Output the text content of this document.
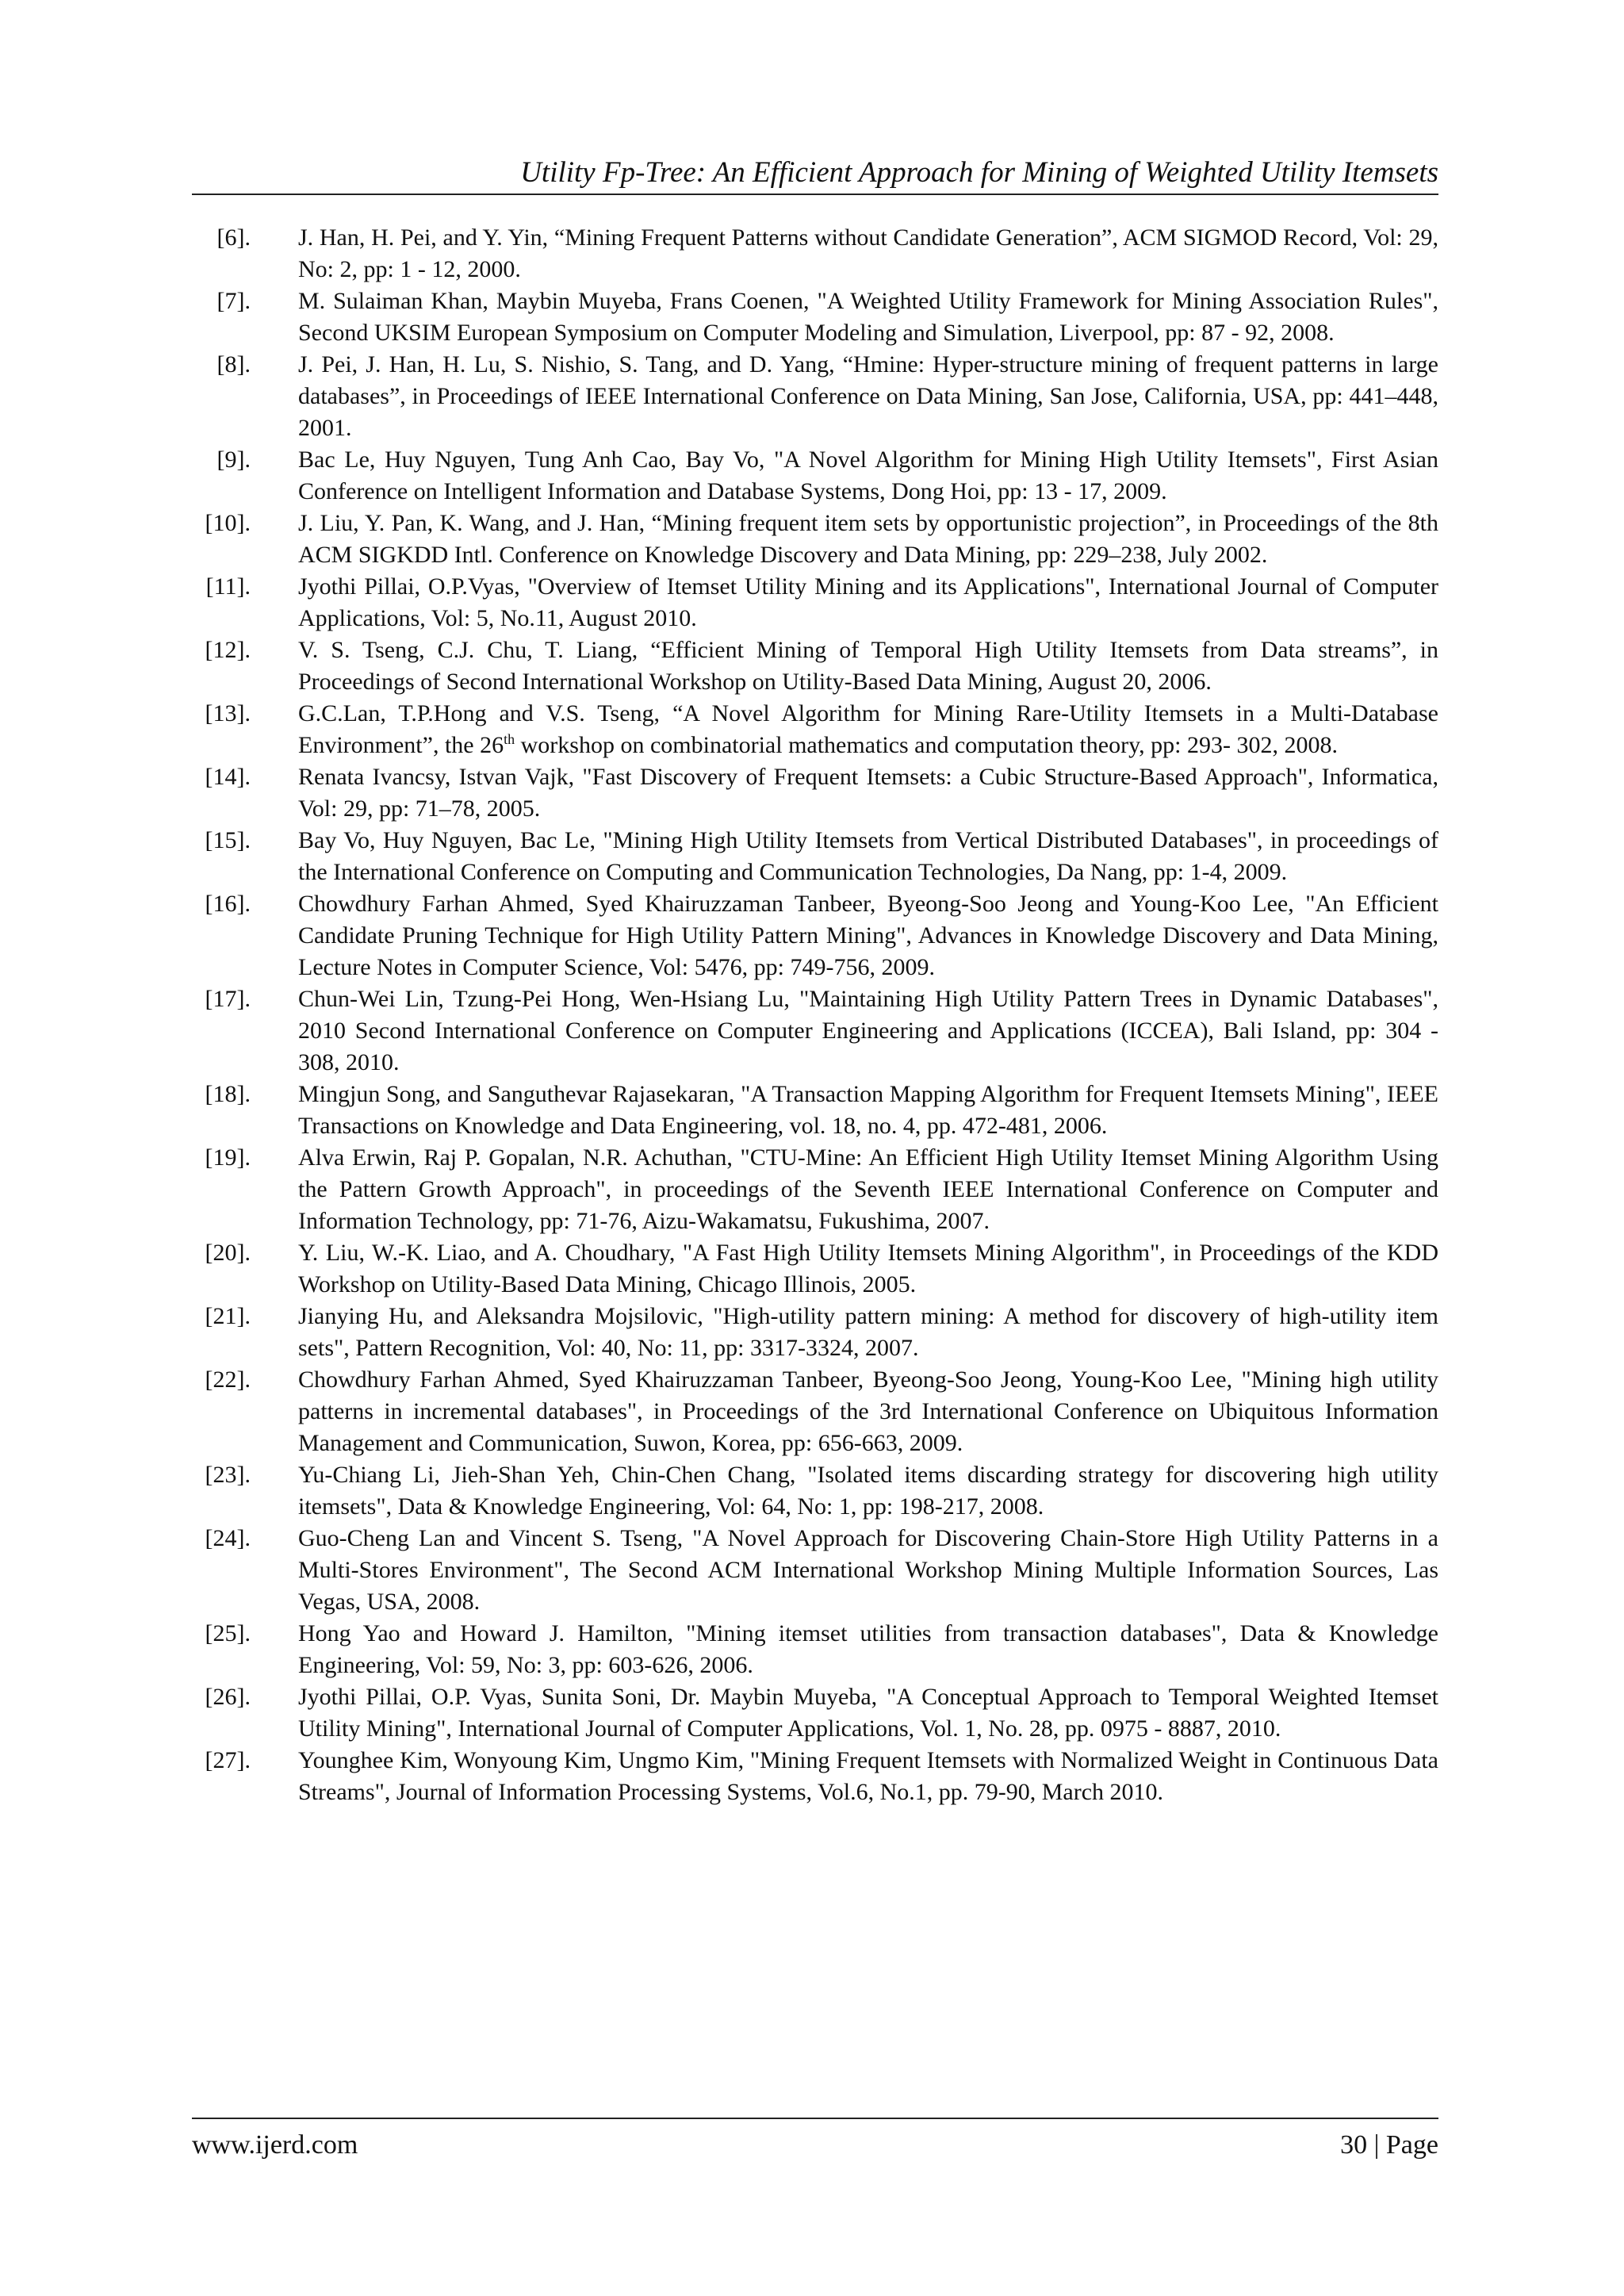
Utility Fp-Tree: An Efficient Approach for Mining of Weighted Utility Itemsets
[6]. J. Han, H. Pei, and Y. Yin, “Mining Frequent Patterns without Candidate Generation”, ACM SIGMOD Record, Vol: 29, No: 2, pp: 1 - 12, 2000.
[7]. M. Sulaiman Khan, Maybin Muyeba, Frans Coenen, "A Weighted Utility Framework for Mining Association Rules", Second UKSIM European Symposium on Computer Modeling and Simulation, Liverpool, pp: 87 - 92, 2008.
[8]. J. Pei, J. Han, H. Lu, S. Nishio, S. Tang, and D. Yang, “Hmine: Hyper-structure mining of frequent patterns in large databases”, in Proceedings of IEEE International Conference on Data Mining, San Jose, California, USA, pp: 441–448, 2001.
[9]. Bac Le, Huy Nguyen, Tung Anh Cao, Bay Vo, "A Novel Algorithm for Mining High Utility Itemsets", First Asian Conference on Intelligent Information and Database Systems, Dong Hoi, pp: 13 - 17, 2009.
[10]. J. Liu, Y. Pan, K. Wang, and J. Han, “Mining frequent item sets by opportunistic projection”, in Proceedings of the 8th ACM SIGKDD Intl. Conference on Knowledge Discovery and Data Mining, pp: 229–238, July 2002.
[11]. Jyothi Pillai, O.P.Vyas, "Overview of Itemset Utility Mining and its Applications", International Journal of Computer Applications, Vol: 5, No.11, August 2010.
[12]. V. S. Tseng, C.J. Chu, T. Liang, “Efficient Mining of Temporal High Utility Itemsets from Data streams”, in Proceedings of Second International Workshop on Utility-Based Data Mining, August 20, 2006.
[13]. G.C.Lan, T.P.Hong and V.S. Tseng, “A Novel Algorithm for Mining Rare-Utility Itemsets in a Multi-Database Environment”, the 26th workshop on combinatorial mathematics and computation theory, pp: 293- 302, 2008.
[14]. Renata Ivancsy, Istvan Vajk, "Fast Discovery of Frequent Itemsets: a Cubic Structure-Based Approach", Informatica, Vol: 29, pp: 71–78, 2005.
[15]. Bay Vo, Huy Nguyen, Bac Le, "Mining High Utility Itemsets from Vertical Distributed Databases", in proceedings of the International Conference on Computing and Communication Technologies, Da Nang, pp: 1-4, 2009.
[16]. Chowdhury Farhan Ahmed, Syed Khairuzzaman Tanbeer, Byeong-Soo Jeong and Young-Koo Lee, "An Efficient Candidate Pruning Technique for High Utility Pattern Mining", Advances in Knowledge Discovery and Data Mining, Lecture Notes in Computer Science, Vol: 5476, pp: 749-756, 2009.
[17]. Chun-Wei Lin, Tzung-Pei Hong, Wen-Hsiang Lu, "Maintaining High Utility Pattern Trees in Dynamic Databases", 2010 Second International Conference on Computer Engineering and Applications (ICCEA), Bali Island, pp: 304 - 308, 2010.
[18]. Mingjun Song, and Sanguthevar Rajasekaran, "A Transaction Mapping Algorithm for Frequent Itemsets Mining", IEEE Transactions on Knowledge and Data Engineering, vol. 18, no. 4, pp. 472-481, 2006.
[19]. Alva Erwin, Raj P. Gopalan, N.R. Achuthan, "CTU-Mine: An Efficient High Utility Itemset Mining Algorithm Using the Pattern Growth Approach", in proceedings of the Seventh IEEE International Conference on Computer and Information Technology, pp: 71-76, Aizu-Wakamatsu, Fukushima, 2007.
[20]. Y. Liu, W.-K. Liao, and A. Choudhary, "A Fast High Utility Itemsets Mining Algorithm", in Proceedings of the KDD Workshop on Utility-Based Data Mining, Chicago Illinois, 2005.
[21]. Jianying Hu, and Aleksandra Mojsilovic, "High-utility pattern mining: A method for discovery of high-utility item sets", Pattern Recognition, Vol: 40, No: 11, pp: 3317-3324, 2007.
[22]. Chowdhury Farhan Ahmed, Syed Khairuzzaman Tanbeer, Byeong-Soo Jeong, Young-Koo Lee, "Mining high utility patterns in incremental databases", in Proceedings of the 3rd International Conference on Ubiquitous Information Management and Communication, Suwon, Korea, pp: 656-663, 2009.
[23]. Yu-Chiang Li, Jieh-Shan Yeh, Chin-Chen Chang, "Isolated items discarding strategy for discovering high utility itemsets", Data & Knowledge Engineering, Vol: 64, No: 1, pp: 198-217, 2008.
[24]. Guo-Cheng Lan and Vincent S. Tseng, "A Novel Approach for Discovering Chain-Store High Utility Patterns in a Multi-Stores Environment", The Second ACM International Workshop Mining Multiple Information Sources, Las Vegas, USA, 2008.
[25]. Hong Yao and Howard J. Hamilton, "Mining itemset utilities from transaction databases", Data & Knowledge Engineering, Vol: 59, No: 3, pp: 603-626, 2006.
[26]. Jyothi Pillai, O.P. Vyas, Sunita Soni, Dr. Maybin Muyeba, "A Conceptual Approach to Temporal Weighted Itemset Utility Mining", International Journal of Computer Applications, Vol. 1, No. 28, pp. 0975 - 8887, 2010.
[27]. Younghee Kim, Wonyoung Kim, Ungmo Kim, "Mining Frequent Itemsets with Normalized Weight in Continuous Data Streams", Journal of Information Processing Systems, Vol.6, No.1, pp. 79-90, March 2010.
www.ijerd.com	30 | Page
